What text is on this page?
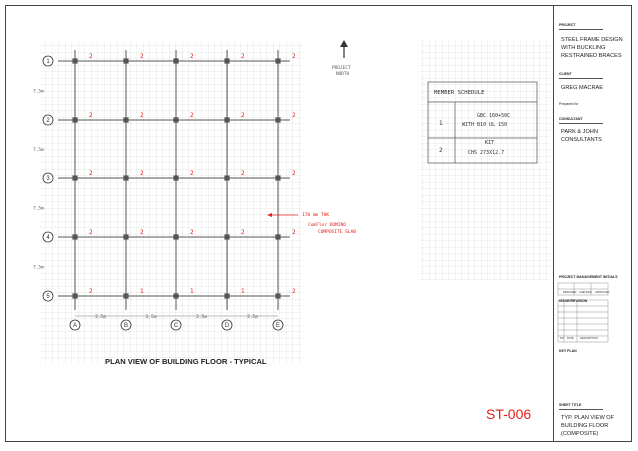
1
2
3
4
5
A	B	C	D	E
7.5m
7.5m
7.5m
7.5m
2.5m	2.5m	2.5m	2.5m
2	2	2	2	2
2	2	2	2	2
2	2	2	2	2
2	2	2	2	2
2	1	1	1	2
PROJECT
NORTH
170 mm THK
ComFlor DOMINO
COMPOSITE SLAB
MEMBER SCHEDULE
1
GBC 160+50C
WITH B10 UL 150
2
KIT
CHS 273X12.7
PROJECT
STEEL FRAME DESIGN
WITH BUCKLING
RESTRAINED BRACES
CLIENT
GREG MACRAE
Prepared for
CONSULTANT
PARK & JOHN
CONSULTANTS
PROJECT MANAGEMENT INITIALS
DESIGNER CHECKED APPROVED
ISSUE/REVISION
NO. DATE DESCRIPTION
KEY PLAN
SHEET TITLE
TYP. PLAN VIEW OF
BUILDING FLOOR
(COMPOSITE)
PLAN VIEW OF BUILDING FLOOR - TYPICAL
ST-006
